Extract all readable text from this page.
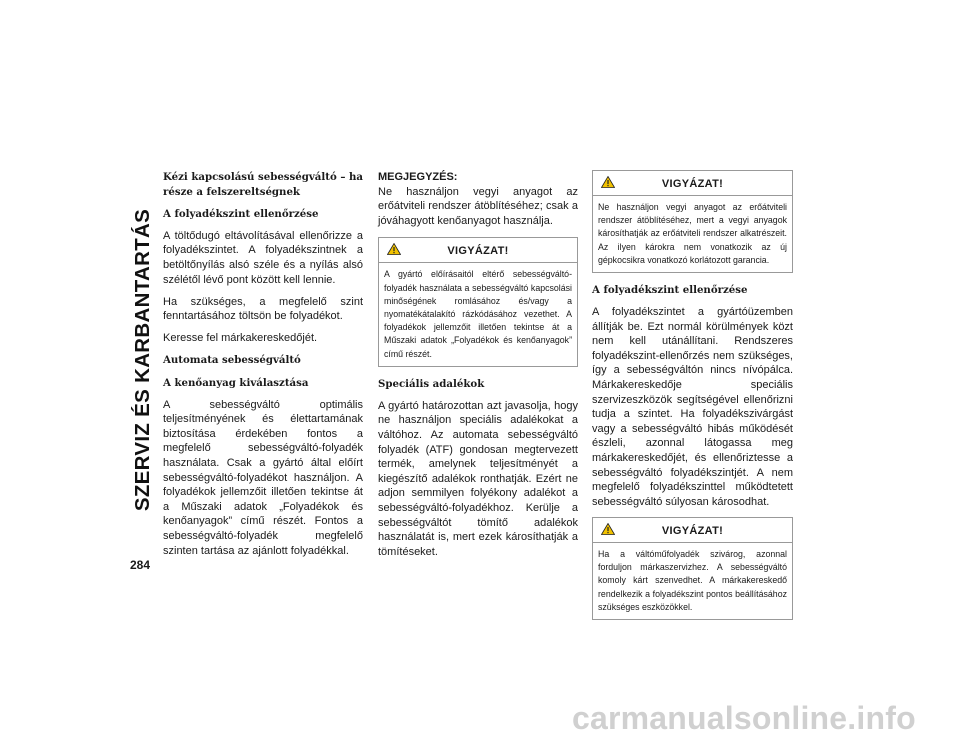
SZERVIZ ÉS KARBANTARTÁS
284
Kézi kapcsolású sebességváltó – ha része a felszereltségnek
A folyadékszint ellenőrzése

A töltődugó eltávolításával ellenőrizze a folyadékszintet. A folyadékszintnek a betöltőnyílás alsó széle és a nyílás alsó szélétől lévő pont között kell lennie.

Ha szükséges, a megfelelő szint fenntartásához töltsön be folyadékot.

Keresse fel márkakereskedőjét.

Automata sebességváltó
A kenőanyag kiválasztása

A sebességváltó optimális teljesítményének és élettartamának biztosítása érdekében fontos a megfelelő sebességváltó-folyadék használata. Csak a gyártó által előírt sebességváltó-folyadékot használjon. A folyadékok jellemzőit illetően tekintse át a Műszaki adatok „Folyadékok és kenőanyagok” című részét. Fontos a sebességváltó-folyadék megfelelő szinten tartása az ajánlott folyadékkal.

MEGJEGYZÉS:
Ne használjon vegyi anyagot az erőátviteli rendszer átöblítéséhez; csak a jóváhagyott kenőanyagot használja.

VIGYÁZAT!
A gyártó előírásaitól eltérő sebességváltó-folyadék használata a sebességváltó kapcsolási minőségének romlásához és/vagy a nyomatékátalakító rázkódásához vezethet. A folyadékok jellemzőit illetően tekintse át a Műszaki adatok „Folyadékok és kenőanyagok” című részét.
Speciális adalékok

A gyártó határozottan azt javasolja, hogy ne használjon speciális adalékokat a váltóhoz. Az automata sebességváltó folyadék (ATF) gondosan megtervezett termék, amelynek teljesítményét a kiegészítő adalékok ronthatják. Ezért ne adjon semmilyen folyékony adalékot a sebességváltó-folyadékhoz. Kerülje a sebességváltót tömítő adalékok használatát is, mert ezek károsíthatják a tömítéseket.

VIGYÁZAT!
Ne használjon vegyi anyagot az erőátviteli rendszer átöblítéséhez, mert a vegyi anyagok károsíthatják az erőátviteli rendszer alkatrészeit. Az ilyen károkra nem vonatkozik az új gépkocsikra vonatkozó korlátozott garancia.
A folyadékszint ellenőrzése

A folyadékszintet a gyártóüzemben állítják be. Ezt normál körülmények közt nem kell utánállítani. Rendszeres folyadékszint-ellenőrzés nem szükséges, így a sebességváltón nincs nívópálca. Márkakereskedője speciális szervizeszközök segítségével ellenőrizni tudja a szintet. Ha folyadékszivárgást vagy a sebességváltó hibás működését észleli, azonnal látogassa meg márkakereskedőjét, és ellenőriztesse a sebességváltó folyadékszintjét. A nem megfelelő folyadékszinttel működtetett sebességváltó súlyosan károsodhat.

VIGYÁZAT!
Ha a váltóműfolyadék szivárog, azonnal forduljon márkaszervizhez. A sebességváltó komoly kárt szenvedhet. A márkakereskedő rendelkezik a folyadékszint pontos beállításához szükséges eszközökkel.
carmanualsonline.info
